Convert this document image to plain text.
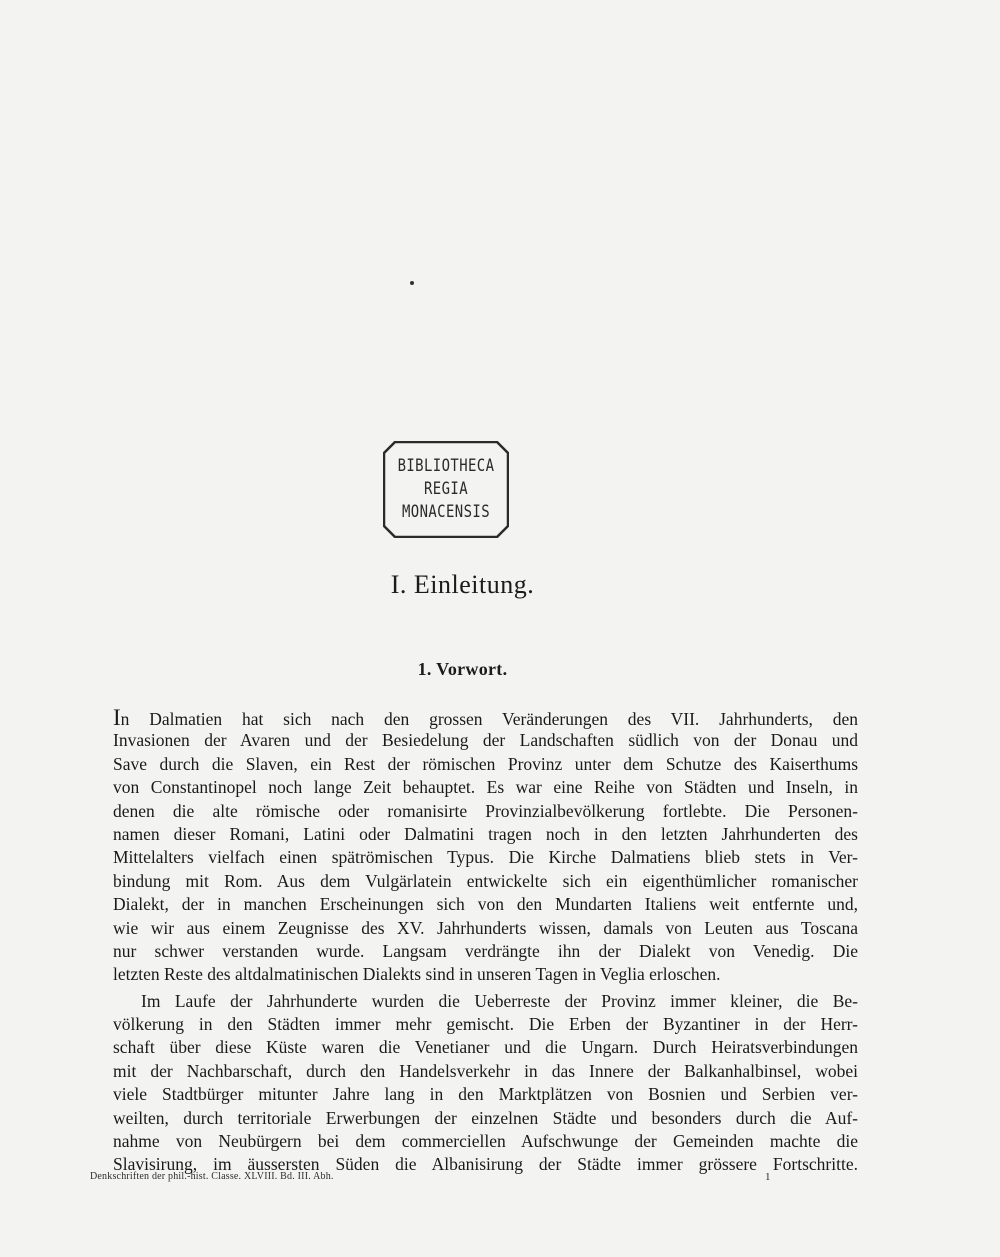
BIBLIOTHECA
REGIA
MONACENSIS
I. Einleitung.
1. Vorwort.
In Dalmatien hat sich nach den grossen Veränderungen des VII. Jahrhunderts, den
Invasionen der Avaren und der Besiedelung der Landschaften südlich von der Donau und
Save durch die Slaven, ein Rest der römischen Provinz unter dem Schutze des Kaiserthums
von Constantinopel noch lange Zeit behauptet. Es war eine Reihe von Städten und Inseln, in
denen die alte römische oder romanisirte Provinzialbevölkerung fortlebte. Die Personen-
namen dieser Romani, Latini oder Dalmatini tragen noch in den letzten Jahrhunderten des
Mittelalters vielfach einen spätrömischen Typus. Die Kirche Dalmatiens blieb stets in Ver-
bindung mit Rom. Aus dem Vulgärlatein entwickelte sich ein eigenthümlicher romanischer
Dialekt, der in manchen Erscheinungen sich von den Mundarten Italiens weit entfernte und,
wie wir aus einem Zeugnisse des XV. Jahrhunderts wissen, damals von Leuten aus Toscana
nur schwer verstanden wurde. Langsam verdrängte ihn der Dialekt von Venedig. Die
letzten Reste des altdalmatinischen Dialekts sind in unseren Tagen in Veglia erloschen.
Im Laufe der Jahrhunderte wurden die Ueberreste der Provinz immer kleiner, die Be-
völkerung in den Städten immer mehr gemischt. Die Erben der Byzantiner in der Herr-
schaft über diese Küste waren die Venetianer und die Ungarn. Durch Heiratsverbindungen
mit der Nachbarschaft, durch den Handelsverkehr in das Innere der Balkanhalbinsel, wobei
viele Stadtbürger mitunter Jahre lang in den Marktplätzen von Bosnien und Serbien ver-
weilten, durch territoriale Erwerbungen der einzelnen Städte und besonders durch die Auf-
nahme von Neubürgern bei dem commerciellen Aufschwunge der Gemeinden machte die
Slavisirung, im äussersten Süden die Albanisirung der Städte immer grössere Fortschritte.
Denkschriften der phil.-hist. Classe. XLVIII. Bd. III. Abh.	1
